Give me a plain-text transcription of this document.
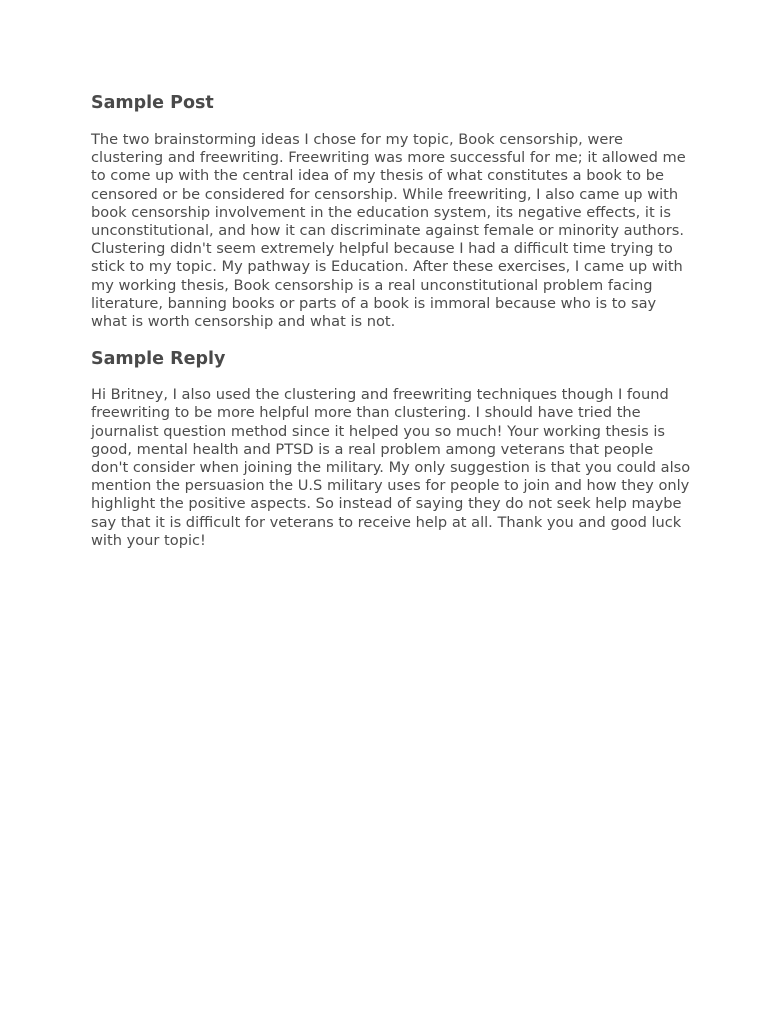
Sample Post

The two brainstorming ideas I chose for my topic, Book censorship, were clustering and freewriting. Freewriting was more successful for me; it allowed me to come up with the central idea of my thesis of what constitutes a book to be censored or be considered for censorship. While freewriting, I also came up with book censorship involvement in the education system, its negative effects, it is unconstitutional, and how it can discriminate against female or minority authors. Clustering didn't seem extremely helpful because I had a difficult time trying to stick to my topic. My pathway is Education. After these exercises, I came up with my working thesis, Book censorship is a real unconstitutional problem facing literature, banning books or parts of a book is immoral because who is to say what is worth censorship and what is not.

Sample Reply

Hi Britney, I also used the clustering and freewriting techniques though I found freewriting to be more helpful more than clustering. I should have tried the journalist question method since it helped you so much! Your working thesis is good, mental health and PTSD is a real problem among veterans that people don't consider when joining the military. My only suggestion is that you could also mention the persuasion the U.S military uses for people to join and how they only highlight the positive aspects. So instead of saying they do not seek help maybe say that it is difficult for veterans to receive help at all. Thank you and good luck with your topic!
